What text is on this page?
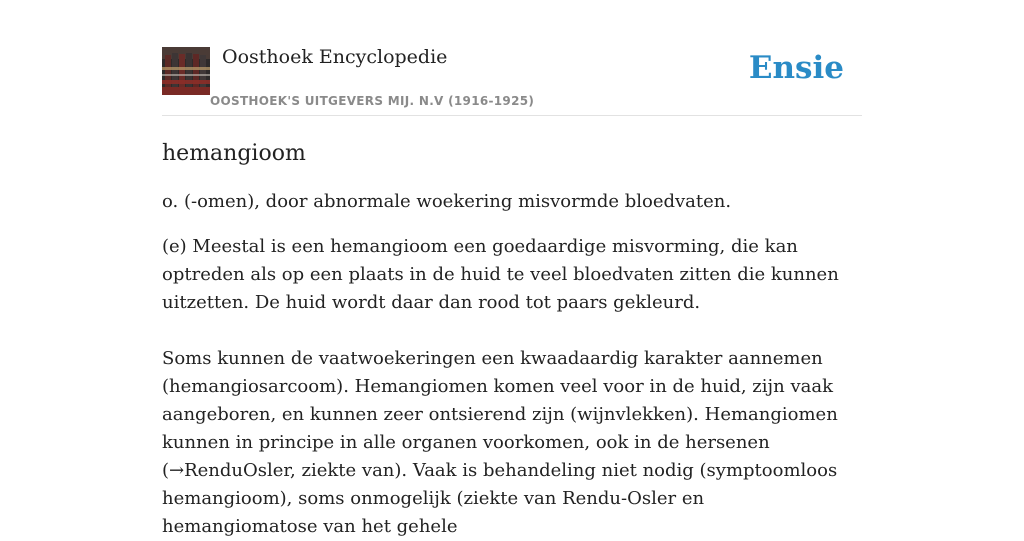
Oosthoek Encyclopedie
OOSTHOEK'S UITGEVERS MIJ. N.V (1916-1925)
Ensie
hemangioom

o. (-omen), door abnormale woekering misvormde bloedvaten.

(e) Meestal is een hemangioom een goedaardige misvorming, die kan optreden als op een plaats in de huid te veel bloedvaten zitten die kunnen uitzetten. De huid wordt daar dan rood tot paars gekleurd.

Soms kunnen de vaatwoekeringen een kwaadaardig karakter aannemen (hemangiosarcoom). Hemangiomen komen veel voor in de huid, zijn vaak aangeboren, en kunnen zeer ontsierend zijn (wijnvlekken). Hemangiomen kunnen in principe in alle organen voorkomen, ook in de hersenen (→RenduOsler, ziekte van). Vaak is behandeling niet nodig (symptoomloos hemangioom), soms onmogelijk (ziekte van Rendu-Osler en hemangiomatose van het gehele
